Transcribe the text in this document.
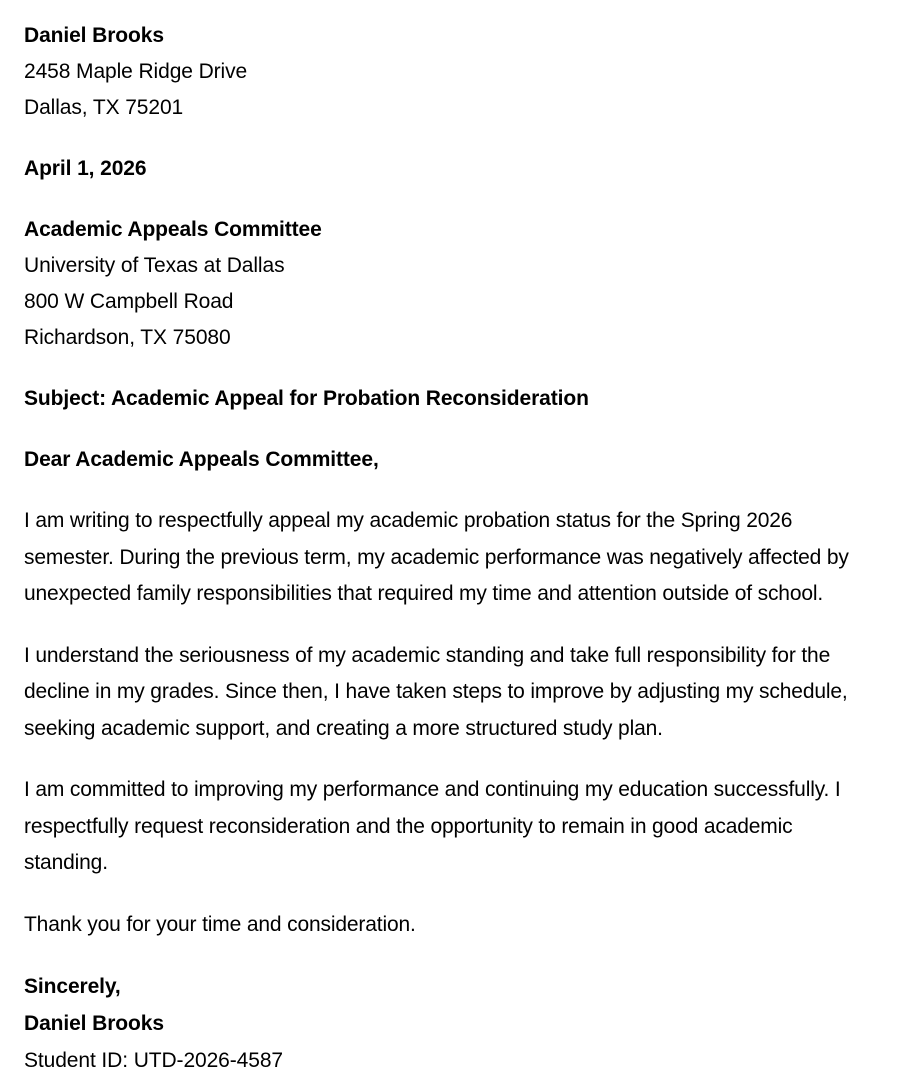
Daniel Brooks
2458 Maple Ridge Drive
Dallas, TX 75201
April 1, 2026
Academic Appeals Committee
University of Texas at Dallas
800 W Campbell Road
Richardson, TX 75080
Subject: Academic Appeal for Probation Reconsideration
Dear Academic Appeals Committee,

I am writing to respectfully appeal my academic probation status for the Spring 2026 semester. During the previous term, my academic performance was negatively affected by unexpected family responsibilities that required my time and attention outside of school.

I understand the seriousness of my academic standing and take full responsibility for the decline in my grades. Since then, I have taken steps to improve by adjusting my schedule, seeking academic support, and creating a more structured study plan.

I am committed to improving my performance and continuing my education successfully. I respectfully request reconsideration and the opportunity to remain in good academic standing.

Thank you for your time and consideration.

Sincerely,
Daniel Brooks
Student ID: UTD-2026-4587
